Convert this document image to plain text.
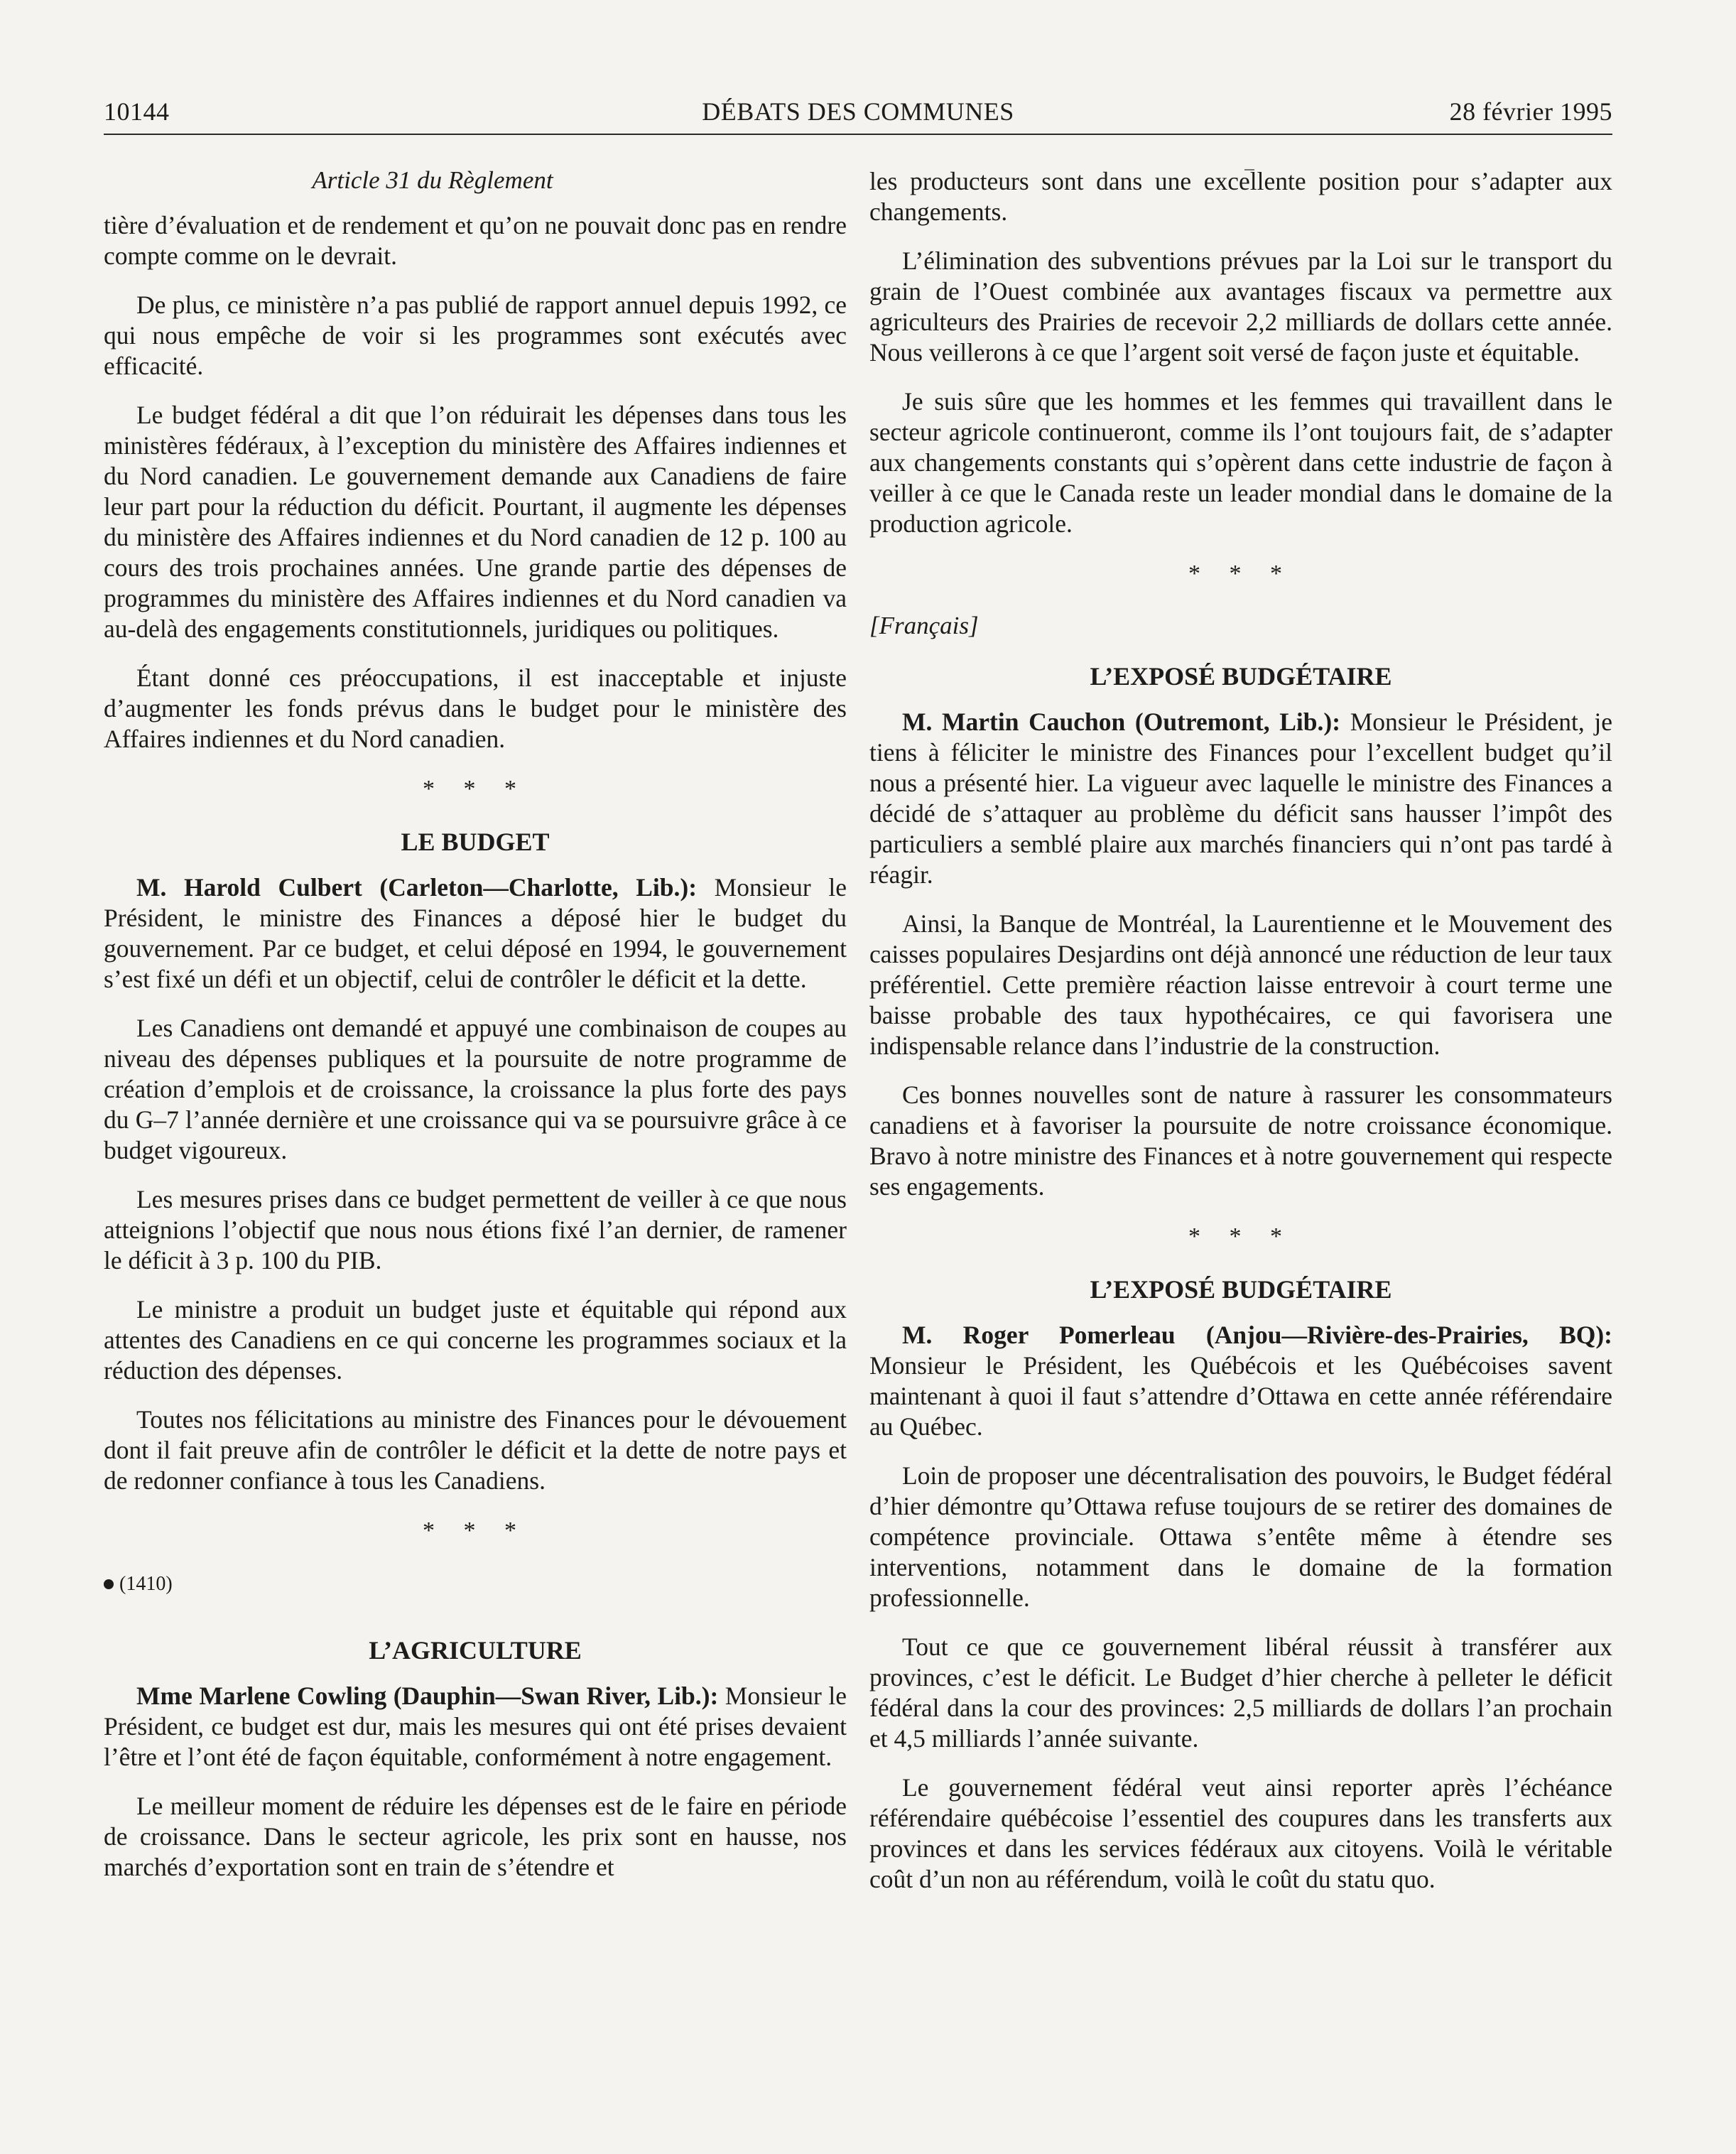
10144	DÉBATS DES COMMUNES	28 février 1995
Article 31 du Règlement

tière d’évaluation et de rendement et qu’on ne pouvait donc pas en rendre compte comme on le devrait.

De plus, ce ministère n’a pas publié de rapport annuel depuis 1992, ce qui nous empêche de voir si les programmes sont exécutés avec efficacité.

Le budget fédéral a dit que l’on réduirait les dépenses dans tous les ministères fédéraux, à l’exception du ministère des Affaires indiennes et du Nord canadien. Le gouvernement demande aux Canadiens de faire leur part pour la réduction du déficit. Pourtant, il augmente les dépenses du ministère des Affaires indiennes et du Nord canadien de 12 p. 100 au cours des trois prochaines années. Une grande partie des dépenses de programmes du ministère des Affaires indiennes et du Nord canadien va au-delà des engagements constitutionnels, juridiques ou politiques.

Étant donné ces préoccupations, il est inacceptable et injuste d’augmenter les fonds prévus dans le budget pour le ministère des Affaires indiennes et du Nord canadien.

* * *
LE BUDGET

M. Harold Culbert (Carleton—Charlotte, Lib.): Monsieur le Président, le ministre des Finances a déposé hier le budget du gouvernement. Par ce budget, et celui déposé en 1994, le gouvernement s’est fixé un défi et un objectif, celui de contrôler le déficit et la dette.

Les Canadiens ont demandé et appuyé une combinaison de coupes au niveau des dépenses publiques et la poursuite de notre programme de création d’emplois et de croissance, la croissance la plus forte des pays du G–7 l’année dernière et une croissance qui va se poursuivre grâce à ce budget vigoureux.

Les mesures prises dans ce budget permettent de veiller à ce que nous atteignions l’objectif que nous nous étions fixé l’an dernier, de ramener le déficit à 3 p. 100 du PIB.

Le ministre a produit un budget juste et équitable qui répond aux attentes des Canadiens en ce qui concerne les programmes sociaux et la réduction des dépenses.

Toutes nos félicitations au ministre des Finances pour le dévouement dont il fait preuve afin de contrôler le déficit et la dette de notre pays et de redonner confiance à tous les Canadiens.

* * *
(1410)
L’AGRICULTURE

Mme Marlene Cowling (Dauphin—Swan River, Lib.): Monsieur le Président, ce budget est dur, mais les mesures qui ont été prises devaient l’être et l’ont été de façon équitable, conformément à notre engagement.

Le meilleur moment de réduire les dépenses est de le faire en période de croissance. Dans le secteur agricole, les prix sont en hausse, nos marchés d’exportation sont en train de s’étendre et

les producteurs sont dans une excellente position pour s’adapter aux changements.

L’élimination des subventions prévues par la Loi sur le transport du grain de l’Ouest combinée aux avantages fiscaux va permettre aux agriculteurs des Prairies de recevoir 2,2 milliards de dollars cette année. Nous veillerons à ce que l’argent soit versé de façon juste et équitable.

Je suis sûre que les hommes et les femmes qui travaillent dans le secteur agricole continueront, comme ils l’ont toujours fait, de s’adapter aux changements constants qui s’opèrent dans cette industrie de façon à veiller à ce que le Canada reste un leader mondial dans le domaine de la production agricole.

* * *
[Français]
L’EXPOSÉ BUDGÉTAIRE

M. Martin Cauchon (Outremont, Lib.): Monsieur le Président, je tiens à féliciter le ministre des Finances pour l’excellent budget qu’il nous a présenté hier. La vigueur avec laquelle le ministre des Finances a décidé de s’attaquer au problème du déficit sans hausser l’impôt des particuliers a semblé plaire aux marchés financiers qui n’ont pas tardé à réagir.

Ainsi, la Banque de Montréal, la Laurentienne et le Mouvement des caisses populaires Desjardins ont déjà annoncé une réduction de leur taux préférentiel. Cette première réaction laisse entrevoir à court terme une baisse probable des taux hypothécaires, ce qui favorisera une indispensable relance dans l’industrie de la construction.

Ces bonnes nouvelles sont de nature à rassurer les consommateurs canadiens et à favoriser la poursuite de notre croissance économique. Bravo à notre ministre des Finances et à notre gouvernement qui respecte ses engagements.

* * *
L’EXPOSÉ BUDGÉTAIRE

M. Roger Pomerleau (Anjou—Rivière-des-Prairies, BQ): Monsieur le Président, les Québécois et les Québécoises savent maintenant à quoi il faut s’attendre d’Ottawa en cette année référendaire au Québec.

Loin de proposer une décentralisation des pouvoirs, le Budget fédéral d’hier démontre qu’Ottawa refuse toujours de se retirer des domaines de compétence provinciale. Ottawa s’entête même à étendre ses interventions, notamment dans le domaine de la formation professionnelle.

Tout ce que ce gouvernement libéral réussit à transférer aux provinces, c’est le déficit. Le Budget d’hier cherche à pelleter le déficit fédéral dans la cour des provinces: 2,5 milliards de dollars l’an prochain et 4,5 milliards l’année suivante.

Le gouvernement fédéral veut ainsi reporter après l’échéance référendaire québécoise l’essentiel des coupures dans les transferts aux provinces et dans les services fédéraux aux citoyens. Voilà le véritable coût d’un non au référendum, voilà le coût du statu quo.
